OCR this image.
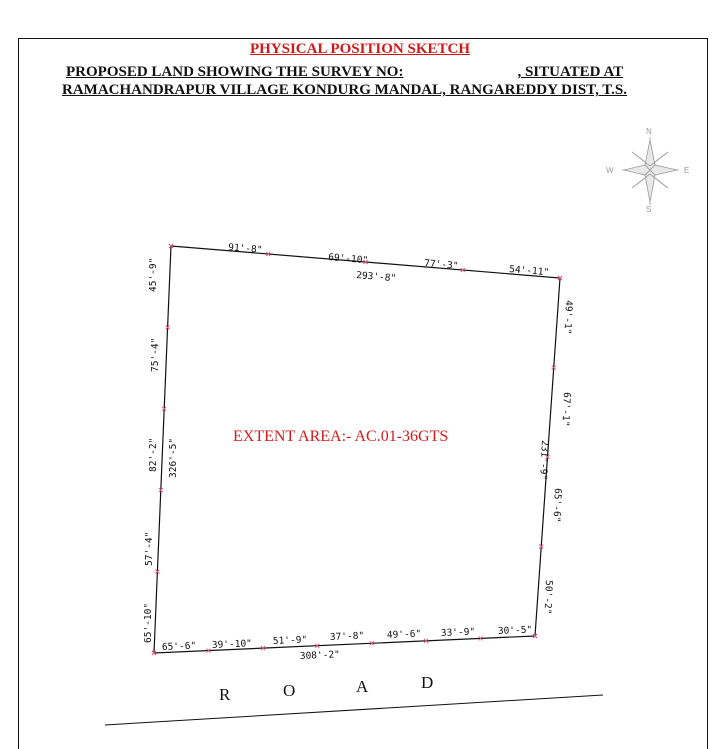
PHYSICAL POSITION SKETCH
PROPOSED LAND SHOWING THE SURVEY NO:	, SITUATED AT
RAMACHANDRAPUR VILLAGE KONDURG MANDAL, RANGAREDDY DIST, T.S.
N
S
E
W
EXTENT AREA:- AC.01-36GTS
91'-8"
69'-10"	77'-3"	54'-11"
293'-8"
45'-9"
75'-4"
82'-2"
57'-4"
65'-10"
326'-5"
49'-1"
67'-1"
65'-6"
50'-2"
231'-9"
65'-6" 39'-10" 51'-9" 37'-8" 49'-6" 33'-9" 30'-5"
308'-2"
R	O	A	D
